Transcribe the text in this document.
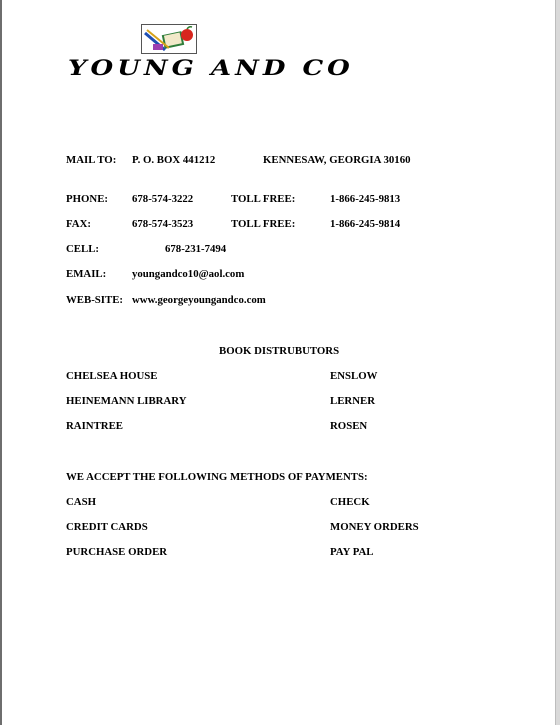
YOUNG AND CO
MAIL TO: P. O. BOX 441212	KENNESAW, GEORGIA 30160
PHONE: 678-574-3222	TOLL FREE:	1-866-245-9813
FAX:	678-574-3523	TOLL FREE:	1-866-245-9814
CELL:	678-231-7494
EMAIL: youngandco10@aol.com
WEB-SITE: www.georgeyoungandco.com
BOOK DISTRUBUTORS
CHELSEA HOUSE	ENSLOW
HEINEMANN LIBRARY	LERNER
RAINTREE	ROSEN
WE ACCEPT THE FOLLOWING METHODS OF PAYMENTS:
CASH	CHECK
CREDIT CARDS	MONEY ORDERS
PURCHASE ORDER	PAY PAL
